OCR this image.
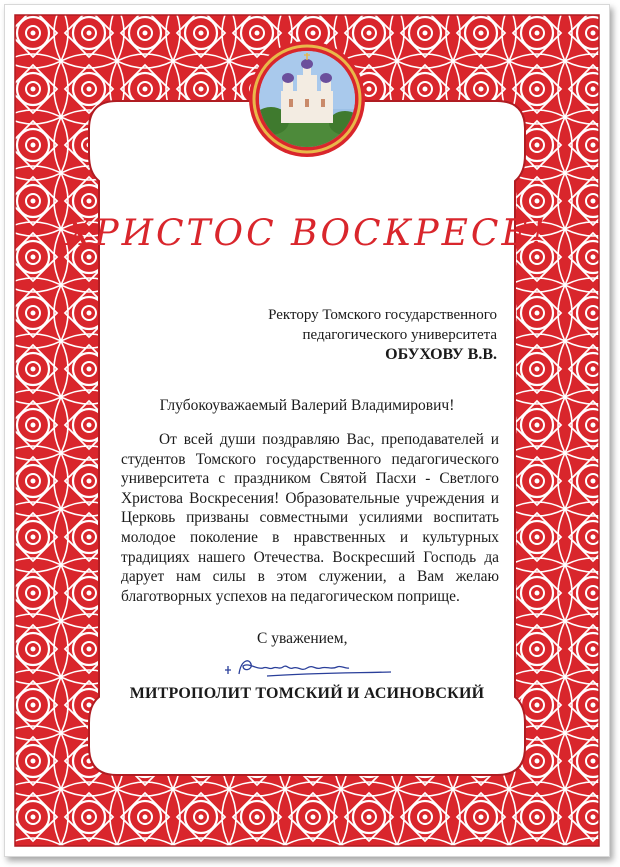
ХРИСТОС ВОСКРЕСЕ!
Ректору Томского государственного
педагогического университета
ОБУХОВУ В.В.
Глубокоуважаемый Валерий Владимирович!
От всей души поздравляю Вас, преподавателей и студентов Томского государственного педагогического университета с праздником Святой Пасхи - Светлого Христова Воскресения! Образовательные учреждения и Церковь призваны совместными усилиями воспитать молодое поколение в нравственных и культурных традициях нашего Отечества. Воскресший Господь да дарует нам силы в этом служении, а Вам желаю благотворных успехов на педагогическом поприще.
С уважением,
МИТРОПОЛИТ ТОМСКИЙ И АСИНОВСКИЙ
